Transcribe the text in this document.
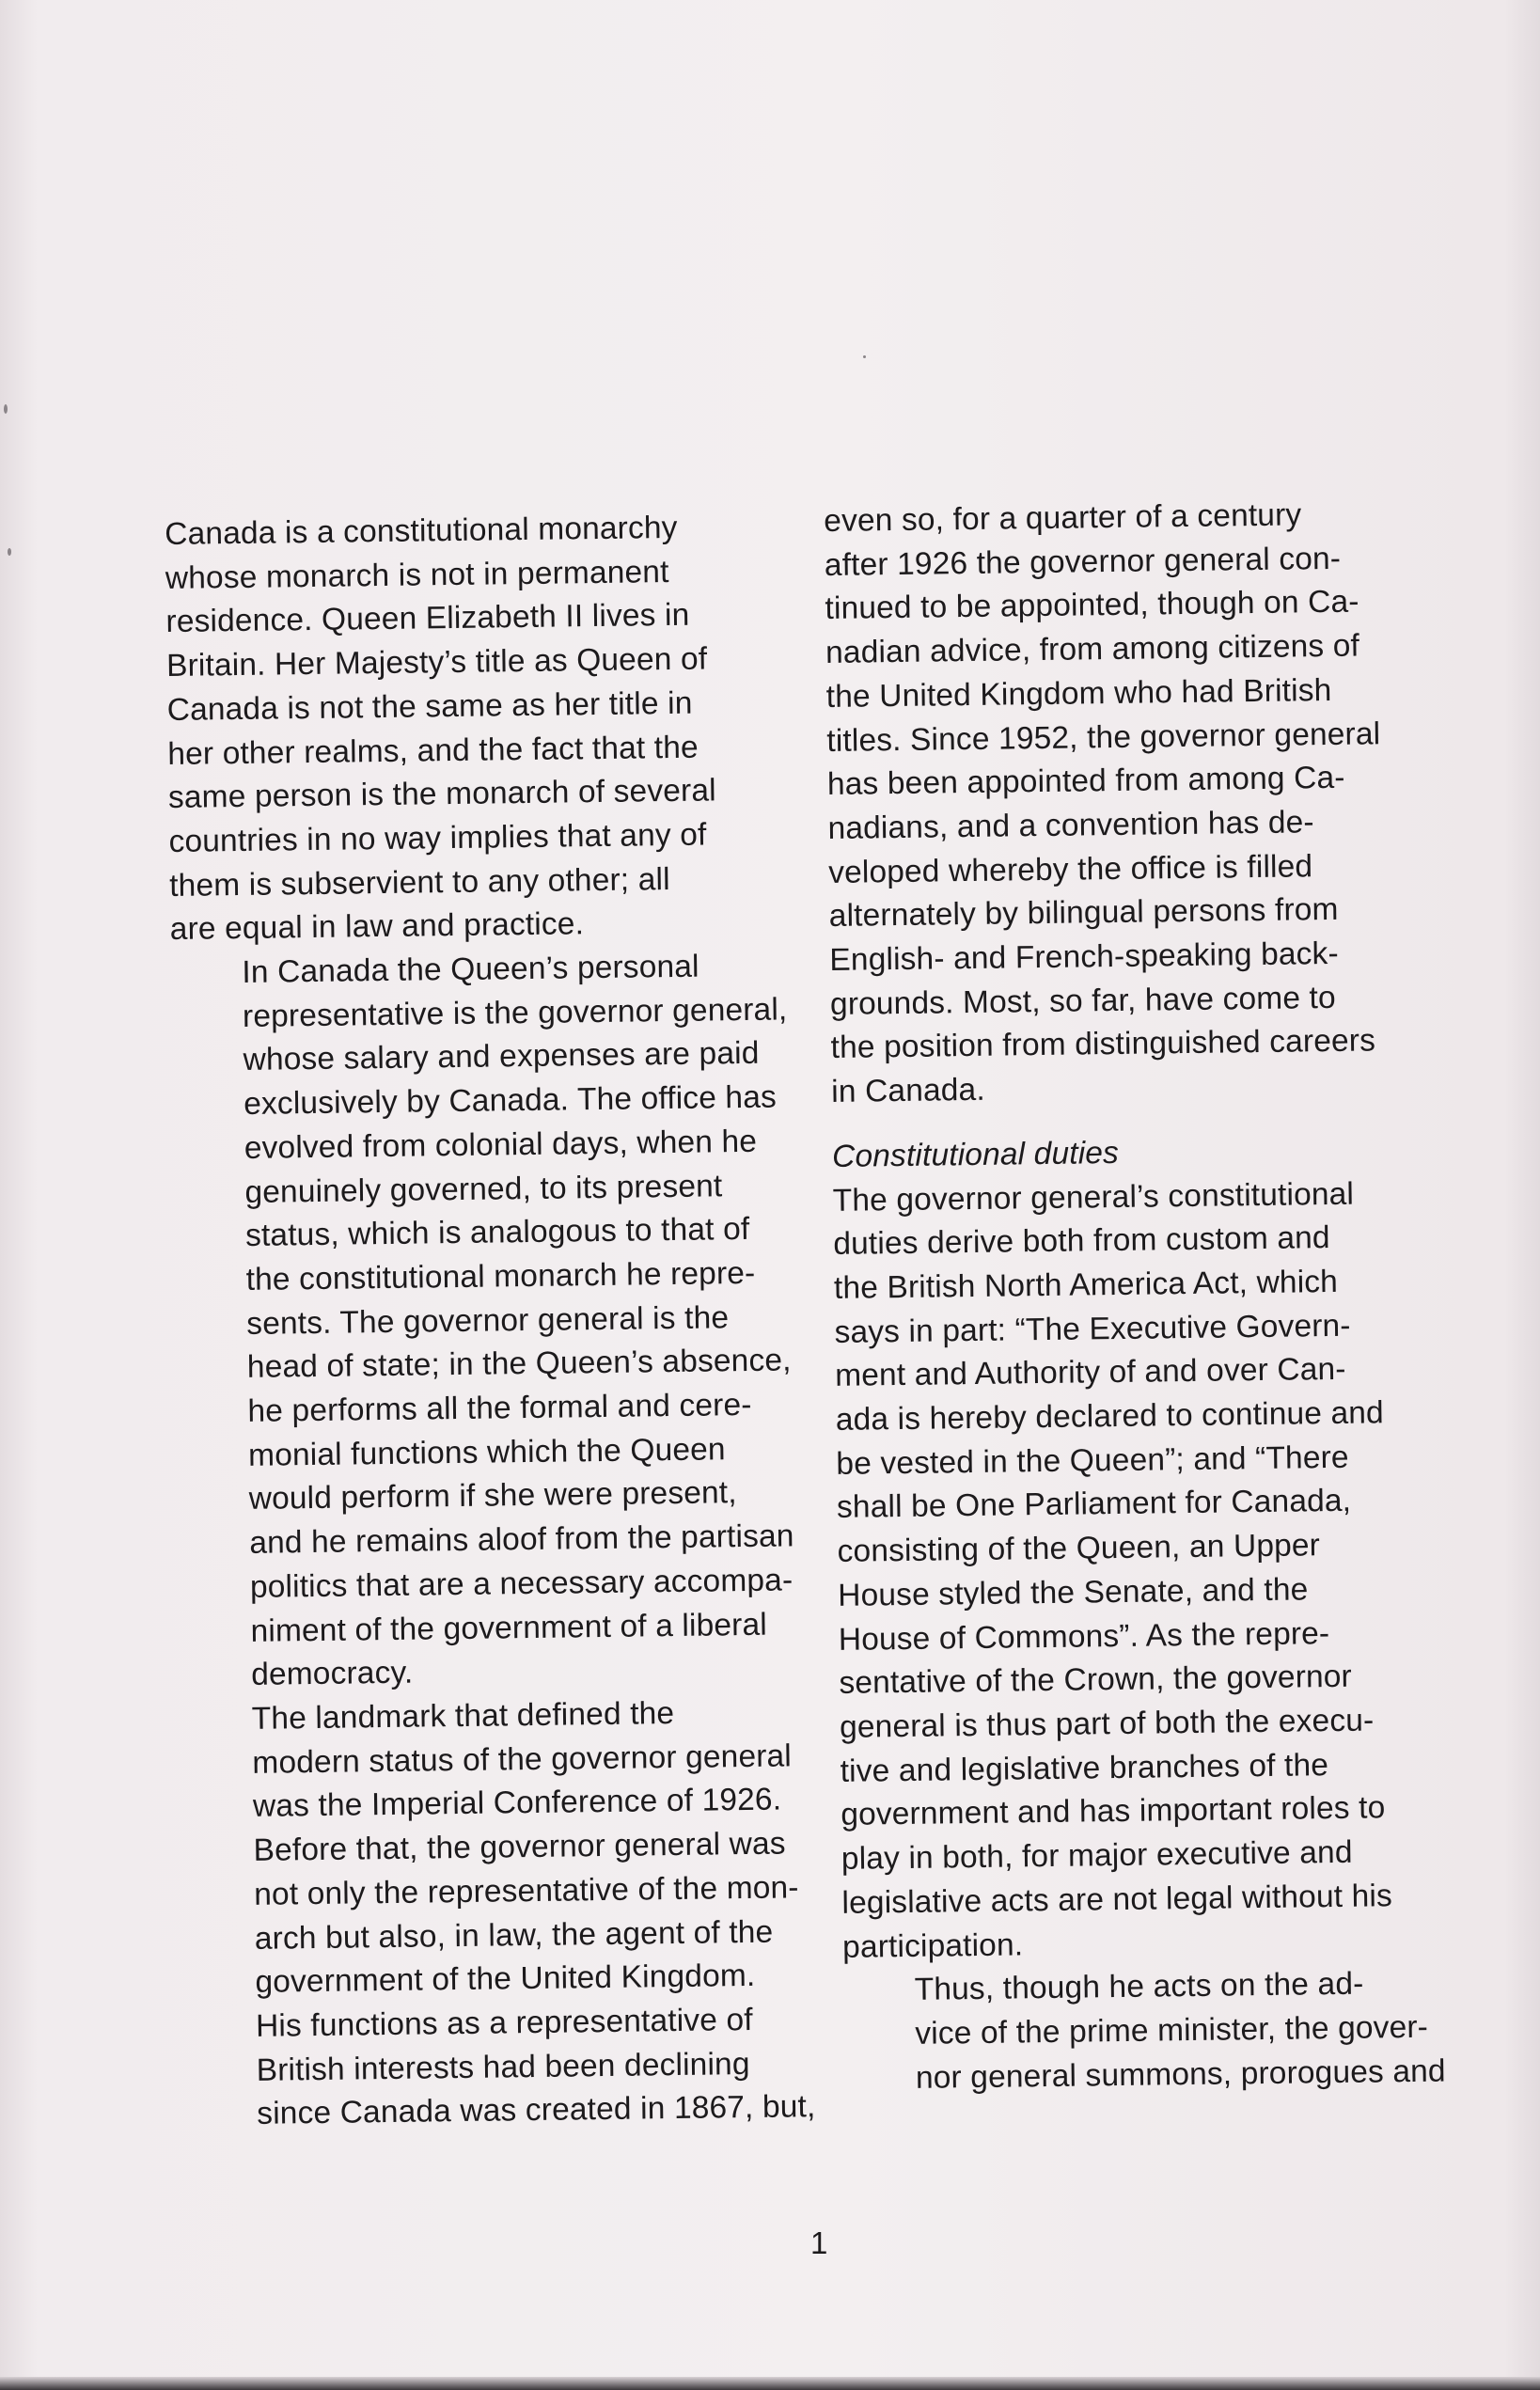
Canada is a constitutional monarchy
whose monarch is not in permanent
residence. Queen Elizabeth II lives in
Britain. Her Majesty’s title as Queen of
Canada is not the same as her title in
her other realms, and the fact that the
same person is the monarch of several
countries in no way implies that any of
them is subservient to any other; all
are equal in law and practice.
In Canada the Queen’s personal
representative is the governor general,
whose salary and expenses are paid
exclusively by Canada. The office has
evolved from colonial days, when he
genuinely governed, to its present
status, which is analogous to that of
the constitutional monarch he repre-
sents. The governor general is the
head of state; in the Queen’s absence,
he performs all the formal and cere-
monial functions which the Queen
would perform if she were present,
and he remains aloof from the partisan
politics that are a necessary accompa-
niment of the government of a liberal
democracy.
The landmark that defined the
modern status of the governor general
was the Imperial Conference of 1926.
Before that, the governor general was
not only the representative of the mon-
arch but also, in law, the agent of the
government of the United Kingdom.
His functions as a representative of
British interests had been declining
since Canada was created in 1867, but,
even so, for a quarter of a century
after 1926 the governor general con-
tinued to be appointed, though on Ca-
nadian advice, from among citizens of
the United Kingdom who had British
titles. Since 1952, the governor general
has been appointed from among Ca-
nadians, and a convention has de-
veloped whereby the office is filled
alternately by bilingual persons from
English- and French-speaking back-
grounds. Most, so far, have come to
the position from distinguished careers
in Canada.
Constitutional duties
The governor general’s constitutional
duties derive both from custom and
the British North America Act, which
says in part: “The Executive Govern-
ment and Authority of and over Can-
ada is hereby declared to continue and
be vested in the Queen”; and “There
shall be One Parliament for Canada,
consisting of the Queen, an Upper
House styled the Senate, and the
House of Commons”. As the repre-
sentative of the Crown, the governor
general is thus part of both the execu-
tive and legislative branches of the
government and has important roles to
play in both, for major executive and
legislative acts are not legal without his
participation.
Thus, though he acts on the ad-
vice of the prime minister, the gover-
nor general summons, prorogues and
1
